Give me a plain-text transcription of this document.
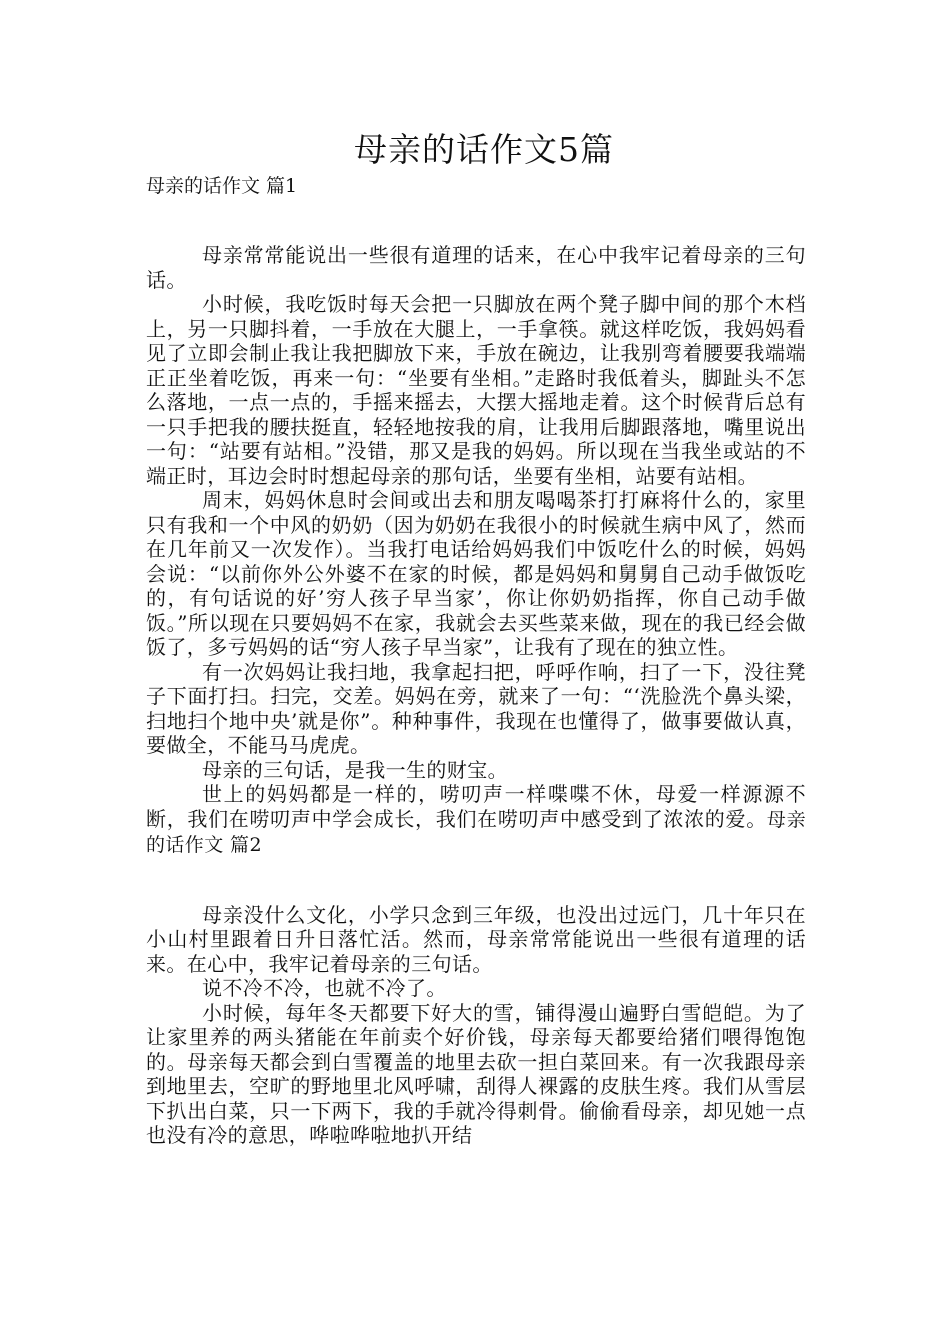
母亲的话作文5篇

母亲的话作文 篇1

母亲常常能说出一些很有道理的话来，在心中我牢记着母亲的三句话。

小时候，我吃饭时每天会把一只脚放在两个凳子脚中间的那个木档上，另一只脚抖着，一手放在大腿上，一手拿筷。就这样吃饭，我妈妈看见了立即会制止我让我把脚放下来，手放在碗边，让我别弯着腰要我端端正正坐着吃饭，再来一句：“坐要有坐相。”走路时我低着头，脚趾头不怎么落地，一点一点的，手摇来摇去，大摆大摇地走着。这个时候背后总有一只手把我的腰扶挺直，轻轻地按我的肩，让我用后脚跟落地，嘴里说出一句：“站要有站相。”没错，那又是我的妈妈。所以现在当我坐或站的不端正时，耳边会时时想起母亲的那句话，坐要有坐相，站要有站相。

周末，妈妈休息时会间或出去和朋友喝喝茶打打麻将什么的，家里只有我和一个中风的奶奶（因为奶奶在我很小的时候就生病中风了，然而在几年前又一次发作）。当我打电话给妈妈我们中饭吃什么的时候，妈妈会说：“以前你外公外婆不在家的时候，都是妈妈和舅舅自己动手做饭吃的，有句话说的好’穷人孩子早当家’，你让你奶奶指挥，你自己动手做饭。”所以现在只要妈妈不在家，我就会去买些菜来做，现在的我已经会做饭了，多亏妈妈的话“穷人孩子早当家”，让我有了现在的独立性。

有一次妈妈让我扫地，我拿起扫把，呼呼作响，扫了一下，没往凳子下面打扫。扫完，交差。妈妈在旁，就来了一句：“‘洗脸洗个鼻头梁，扫地扫个地中央’就是你”。种种事件，我现在也懂得了，做事要做认真，要做全，不能马马虎虎。

母亲的三句话，是我一生的财宝。

世上的妈妈都是一样的，唠叨声一样喋喋不休，母爱一样源源不断，我们在唠叨声中学会成长，我们在唠叨声中感受到了浓浓的爱。母亲的话作文 篇2

母亲没什么文化，小学只念到三年级，也没出过远门，几十年只在小山村里跟着日升日落忙活。然而，母亲常常能说出一些很有道理的话来。在心中，我牢记着母亲的三句话。

说不冷不冷，也就不冷了。

小时候，每年冬天都要下好大的雪，铺得漫山遍野白雪皑皑。为了让家里养的两头猪能在年前卖个好价钱，母亲每天都要给猪们喂得饱饱的。母亲每天都会到白雪覆盖的地里去砍一担白菜回来。有一次我跟母亲到地里去，空旷的野地里北风呼啸，刮得人裸露的皮肤生疼。我们从雪层下扒出白菜，只一下两下，我的手就冷得刺骨。偷偷看母亲，却见她一点也没有冷的意思，哗啦哗啦地扒开结
